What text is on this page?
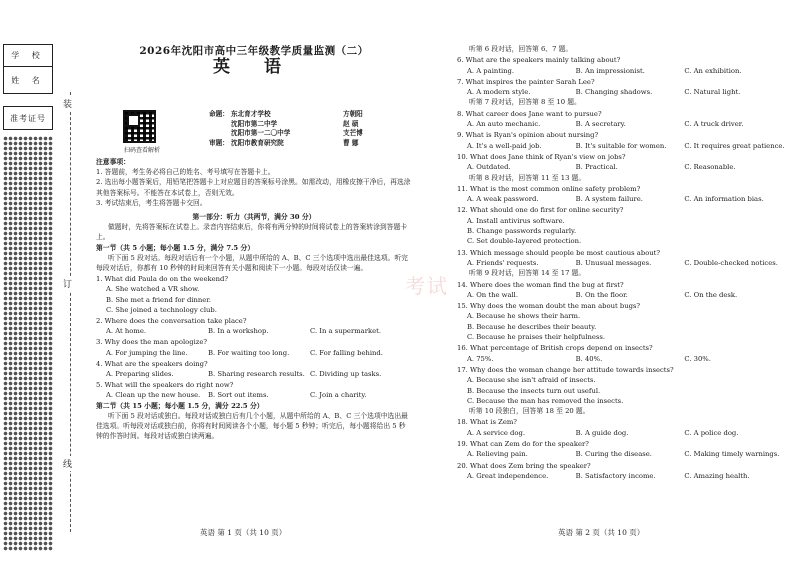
学 校
姓 名
准考证号
装
订
线
2026年沈阳市高中三年级教学质量监测（二）
英 语
扫码查看解析
命题： 东北育才学校	方朝阳
沈阳市第二中学	赵 硕
沈阳市第一二〇中学	支芒博
审题： 沈阳市教育研究院	曹 娜
注意事项：
1. 答题前，考生务必将自己的姓名、考号填写在答题卡上。
2. 选出每小题答案后，用铅笔把答题卡上对应题目的答案标号涂黑。如需改动，用橡皮擦干净后，再选涂其他答案标号。不能答在本试卷上，否则无效。
3. 考试结束后，考生将答题卡交回。
第一部分：听力（共两节，满分 30 分）
做题时，先将答案标在试卷上。录音内容结束后，你将有两分钟的时间将试卷上的答案转涂到答题卡上。
第一节（共 5 小题；每小题 1.5 分，满分 7.5 分）
听下面 5 段对话。每段对话后有一个小题，从题中所给的 A、B、C 三个选项中选出最佳选项。听完每段对话后，你都有 10 秒钟的时间来回答有关小题和阅读下一小题。每段对话仅读一遍。
1. What did Paula do on the weekend?
A. She watched a VR show.
B. She met a friend for dinner.
C. She joined a technology club.
2. Where does the conversation take place?
A. At home.	B. In a workshop.	C. In a supermarket.
3. Why does the man apologize?
A. For jumping the line.	B. For waiting too long.	C. For falling behind.
4. What are the speakers doing?
A. Preparing slides.	B. Sharing research results. C. Dividing up tasks.
5. What will the speakers do right now?
A. Clean up the new house.	B. Sort out items.	C. Join a charity.
第二节（共 15 小题；每小题 1.5 分，满分 22.5 分）
听下面 5 段对话或独白。每段对话或独白后有几个小题，从题中所给的 A、B、C 三个选项中选出最佳选项。听每段对话或独白前，你将有时间阅读各个小题，每小题 5 秒钟；听完后，每小题将给出 5 秒钟的作答时间。每段对话或独白读两遍。
考试
听第 6 段对话，回答第 6、7 题。
6. What are the speakers mainly talking about?
A. A painting.	B. An impressionist.	C. An exhibition.
7. What inspires the painter Sarah Lee?
A. A modern style.	B. Changing shadows.	C. Natural light.
听第 7 段对话，回答第 8 至 10 题。
8. What career does Jane want to pursue?
A. An auto mechanic.	B. A secretary.	C. A truck driver.
9. What is Ryan's opinion about nursing?
A. It's a well-paid job.	B. It's suitable for women.	C. It requires great patience.
10. What does Jane think of Ryan's view on jobs?
A. Outdated.	B. Practical.	C. Reasonable.
听第 8 段对话，回答第 11 至 13 题。
11. What is the most common online safety problem?
A. A weak password.	B. A system failure.	C. An information bias.
12. What should one do first for online security?
A. Install antivirus software.
B. Change passwords regularly.
C. Set double-layered protection.
13. Which message should people be most cautious about?
A. Friends' requests.	B. Unusual messages.	C. Double-checked notices.
听第 9 段对话，回答第 14 至 17 题。
14. Where does the woman find the bug at first?
A. On the wall.	B. On the floor.	C. On the desk.
15. Why does the woman doubt the man about bugs?
A. Because he shows their harm.
B. Because he describes their beauty.
C. Because he praises their helpfulness.
16. What percentage of British crops depend on insects?
A. 75%.	B. 40%.	C. 30%.
17. Why does the woman change her attitude towards insects?
A. Because she isn't afraid of insects.
B. Because the insects turn out useful.
C. Because the man has removed the insects.
听第 10 段独白，回答第 18 至 20 题。
18. What is Zem?
A. A service dog.	B. A guide dog.	C. A police dog.
19. What can Zem do for the speaker?
A. Relieving pain.	B. Curing the disease.	C. Making timely warnings.
20. What does Zem bring the speaker?
A. Great independence.	B. Satisfactory income.	C. Amazing health.
英语 第 1 页（共 10 页）	英语 第 2 页（共 10 页）
